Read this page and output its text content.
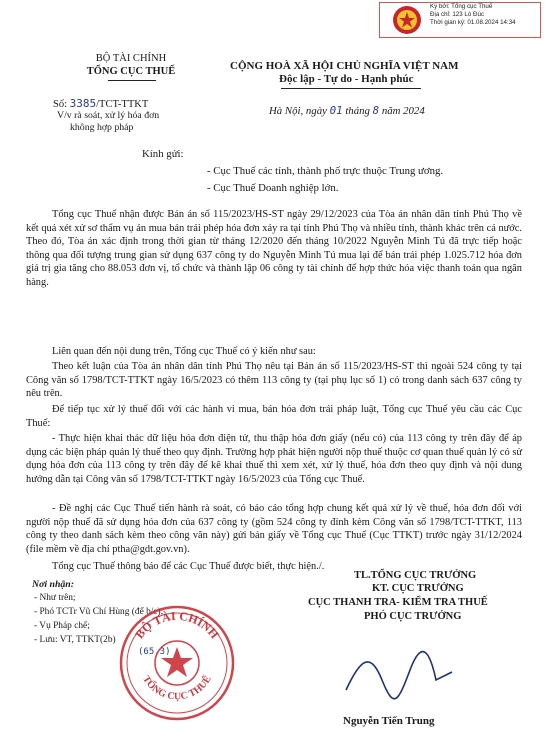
Ký bởi: Tổng cục Thuế
Địa chỉ: 123 Lò Đúc
Thời gian ký: 01.08.2024 14:34
BỘ TÀI CHÍNH
TỔNG CỤC THUẾ
Số: 3385/TCT-TTKT
V/v rà soát, xử lý hóa đơn
không hợp pháp
CỘNG HOÀ XÃ HỘI CHỦ NGHĨA VIỆT NAM
Độc lập - Tự do - Hạnh phúc
Hà Nội, ngày 01 tháng 8 năm 2024
Kính gửi:
- Cục Thuế các tỉnh, thành phố trực thuộc Trung ương.
- Cục Thuế Doanh nghiệp lớn.
Tổng cục Thuế nhận được Bản án số 115/2023/HS-ST ngày 29/12/2023 của Tòa án nhân dân tỉnh Phú Thọ về kết quả xét xử sơ thẩm vụ án mua bán trái phép hóa đơn xảy ra tại tỉnh Phú Thọ và nhiều tỉnh, thành khác trên cả nước. Theo đó, Tòa án xác định trong thời gian từ tháng 12/2020 đến tháng 10/2022 Nguyễn Minh Tú đã trực tiếp hoặc thông qua đối tượng trung gian sử dụng 637 công ty do Nguyễn Minh Tú mua lại để bán trái phép 1.025.712 hóa đơn giá trị gia tăng cho 88.053 đơn vị, tổ chức và thành lập 06 công ty tài chính để hợp thức hóa việc thanh toán qua ngân hàng.
Liên quan đến nội dung trên, Tổng cục Thuế có ý kiến như sau:
Theo kết luận của Tòa án nhân dân tỉnh Phú Thọ nêu tại Bản án số 115/2023/HS-ST thì ngoài 524 công ty tại Công văn số 1798/TCT-TTKT ngày 16/5/2023 có thêm 113 công ty (tại phụ lục số 1) có trong danh sách 637 công ty nêu trên.
Để tiếp tục xử lý thuế đối với các hành vi mua, bán hóa đơn trái pháp luật, Tổng cục Thuế yêu cầu các Cục Thuế:
- Thực hiện khai thác dữ liệu hóa đơn điện tử, thu thập hóa đơn giấy (nếu có) của 113 công ty trên đây để áp dụng các biện pháp quản lý thuế theo quy định. Trường hợp phát hiện người nộp thuế thuộc cơ quan thuế quản lý có sử dụng hóa đơn của 113 công ty trên đây để kê khai thuế thì xem xét, xử lý thuế, hóa đơn theo quy định và nội dung hướng dẫn tại Công văn số 1798/TCT-TTKT ngày 16/5/2023 của Tổng cục Thuế.
- Đề nghị các Cục Thuế tiến hành rà soát, có báo cáo tổng hợp chung kết quả xử lý về thuế, hóa đơn đối với người nộp thuế đã sử dụng hóa đơn của 637 công ty (gồm 524 công ty đính kèm Công văn số 1798/TCT-TTKT, 113 công ty theo danh sách kèm theo công văn này) gửi bản giấy về Tổng cục Thuế (Cục TTKT) trước ngày 31/12/2024 (file mềm về địa chỉ ptha@gdt.gov.vn).
Tổng cục Thuế thông báo để các Cục Thuế được biết, thực hiện./.
Nơi nhận:
- Như trên;
- Phó TCTr Vũ Chí Hùng (để b/c);
- Vụ Pháp chế;
- Lưu: VT, TTKT(2b)
(65,3)
TL.TỔNG CỤC TRƯỞNG
KT. CỤC TRƯỞNG
CỤC THANH TRA- KIỂM TRA THUẾ
PHÓ CỤC TRƯỞNG
BỘ TÀI CHÍNH
TỔNG CỤC THUẾ
Nguyễn Tiến Trung
